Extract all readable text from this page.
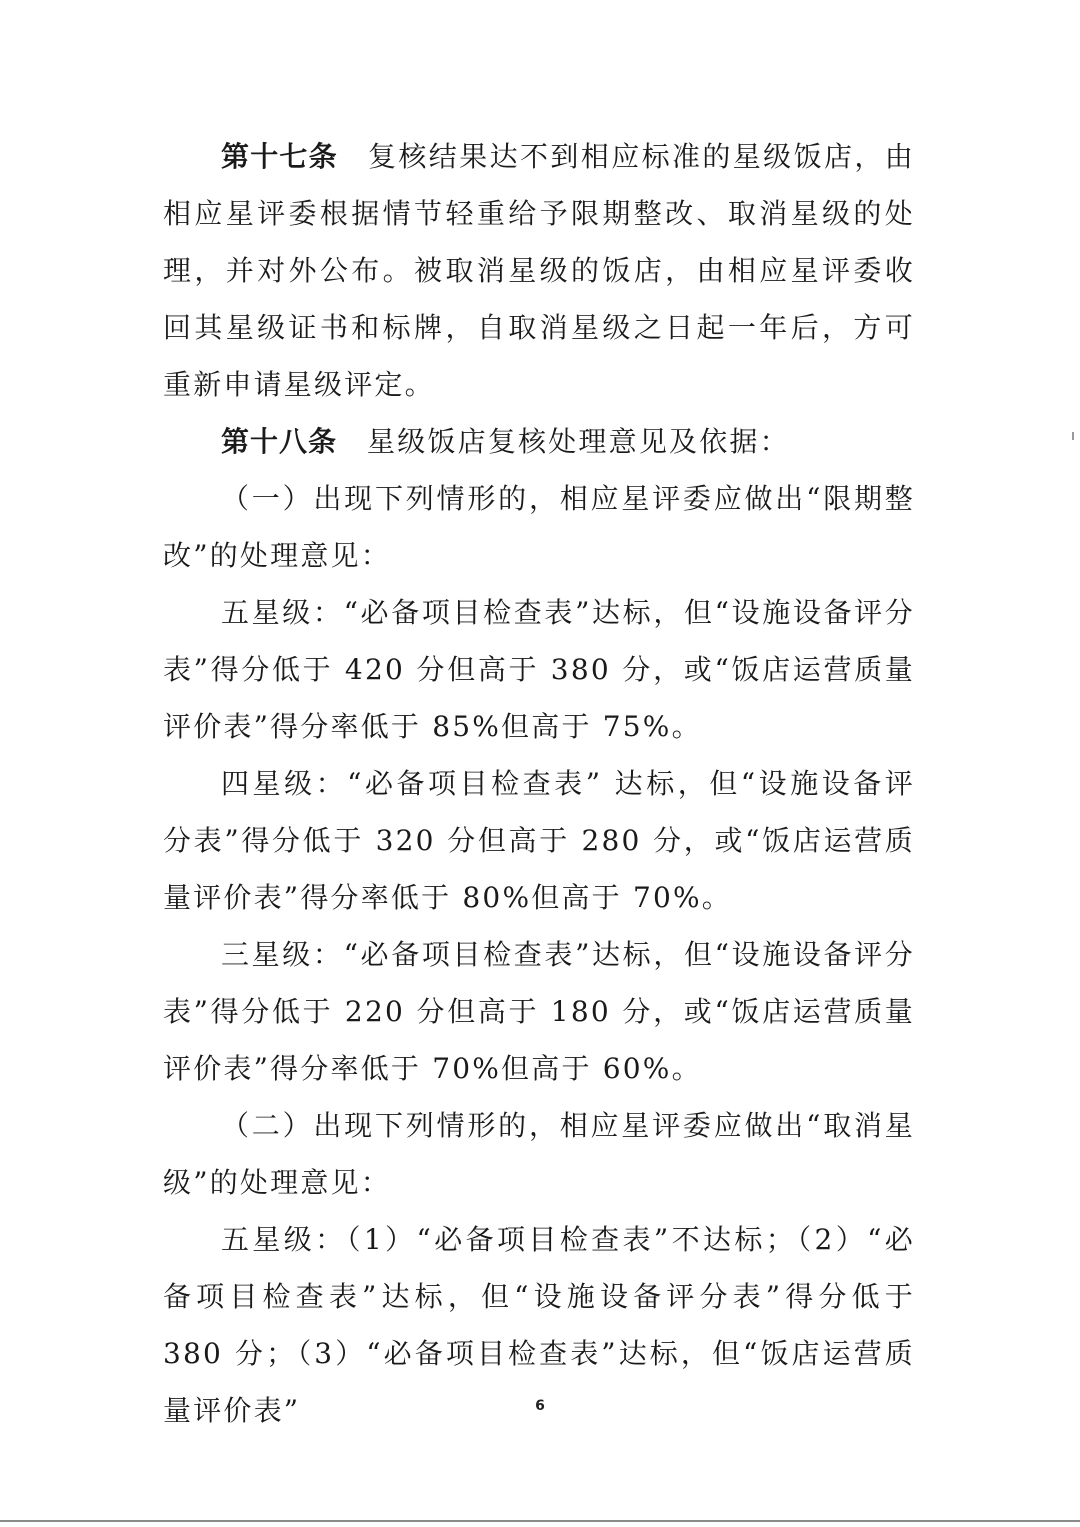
第十七条 复核结果达不到相应标准的星级饭店，由相应星评委根据情节轻重给予限期整改、取消星级的处理，并对外公布。被取消星级的饭店，由相应星评委收回其星级证书和标牌，自取消星级之日起一年后，方可重新申请星级评定。

第十八条 星级饭店复核处理意见及依据：

（一）出现下列情形的，相应星评委应做出“限期整改”的处理意见：

五星级：“必备项目检查表”达标，但“设施设备评分表”得分低于 420 分但高于 380 分，或“饭店运营质量评价表”得分率低于 85%但高于 75%。

四星级：“必备项目检查表” 达标，但“设施设备评分表”得分低于 320 分但高于 280 分，或“饭店运营质量评价表”得分率低于 80%但高于 70%。

三星级：“必备项目检查表”达标，但“设施设备评分表”得分低于 220 分但高于 180 分，或“饭店运营质量评价表”得分率低于 70%但高于 60%。

（二）出现下列情形的，相应星评委应做出“取消星级”的处理意见：

五星级：（1）“必备项目检查表”不达标；（2）“必备项目检查表”达标，但“设施设备评分表”得分低于 380 分；（3）“必备项目检查表”达标，但“饭店运营质量评价表”	6
